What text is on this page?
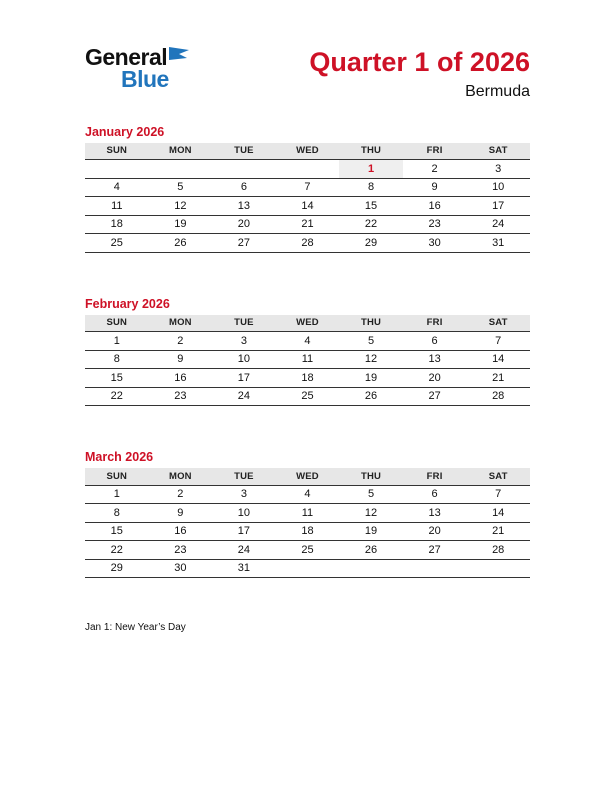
General
Blue
Quarter 1 of 2026
Bermuda
January 2026
SUN	MON	TUE	WED	THU	FRI	SAT
				1	2	3
4	5	6	7	8	9	10
11	12	13	14	15	16	17
18	19	20	21	22	23	24
25	26	27	28	29	30	31
February 2026
SUN	MON	TUE	WED	THU	FRI	SAT
1	2	3	4	5	6	7
8	9	10	11	12	13	14
15	16	17	18	19	20	21
22	23	24	25	26	27	28
March 2026
SUN	MON	TUE	WED	THU	FRI	SAT
1	2	3	4	5	6	7
8	9	10	11	12	13	14
15	16	17	18	19	20	21
22	23	24	25	26	27	28
29	30	31				
Jan 1: New Year’s Day
